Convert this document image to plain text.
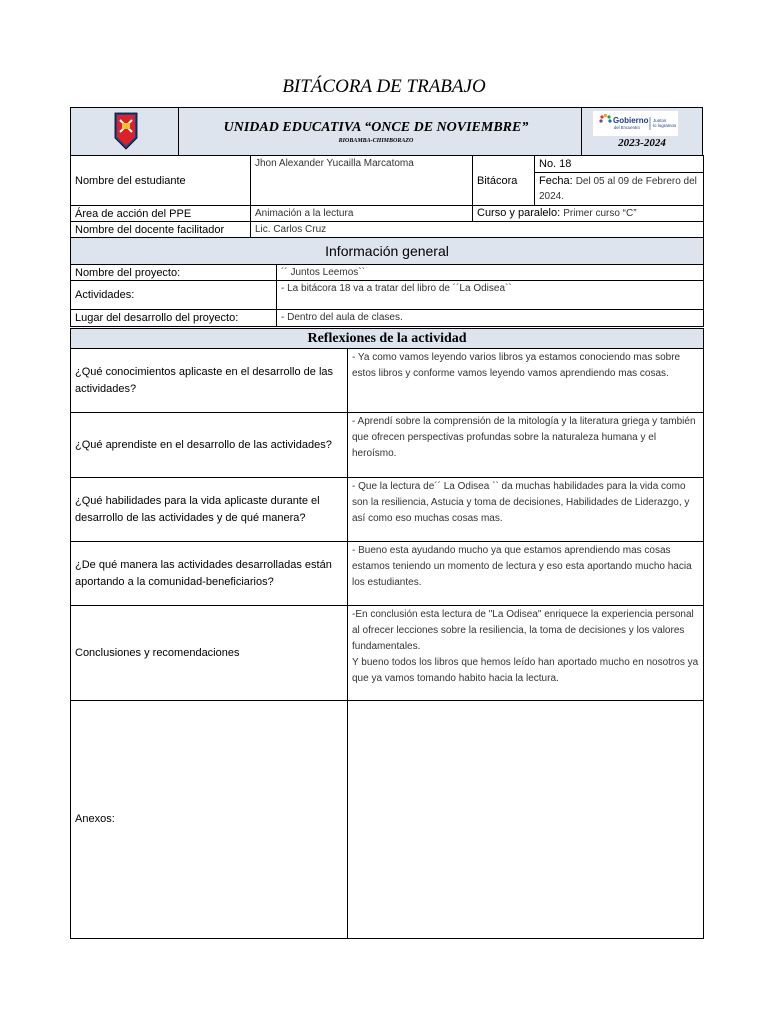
BITÁCORA DE TRABAJO
UNIDAD EDUCATIVA “ONCE DE NOVIEMBRE”
RIOBAMBA-CHIMBORAZO
Gobierno
del Encuentro
Juntos
lo logramos
2023-2024
Nombre del estudiante	Jhon Alexander Yucailla Marcatoma	Bitácora	No. 18
Fecha: Del 05 al 09 de Febrero del 2024.

Área de acción del PPE	Animación a la lectura	Curso y paralelo: Primer curso “C”	
Nombre del docente facilitador	Lic. Carlos Cruz		
Información general	
Nombre del proyecto:	´´ Juntos Leemos``
Actividades:	- La bitácora 18 va a tratar del libro de ´´La Odisea``
Lugar del desarrollo del proyecto:	- Dentro del aula de clases.
Reflexiones de la actividad	
¿Qué conocimientos aplicaste en el desarrollo de las actividades?	- Ya como vamos leyendo varios libros ya estamos conociendo mas sobre estos libros y conforme vamos leyendo vamos aprendiendo mas cosas.
¿Qué aprendiste en el desarrollo de las actividades?	- Aprendí sobre la comprensión de la mitología y la literatura griega y también que ofrecen perspectivas profundas sobre la naturaleza humana y el heroísmo.
¿Qué habilidades para la vida aplicaste durante el desarrollo de las actividades y de qué manera?	- Que la lectura de´´ La Odisea `` da muchas habilidades para la vida como son la resiliencia, Astucia y toma de decisiones, Habilidades de Liderazgo, y así como eso muchas cosas mas.
¿De qué manera las actividades desarrolladas están aportando a la comunidad-beneficiarios?	- Bueno esta ayudando mucho ya que estamos aprendiendo mas cosas estamos teniendo un momento de lectura y eso esta aportando mucho hacia los estudiantes.
Conclusiones y recomendaciones	-En conclusión esta lectura de "La Odisea" enriquece la experiencia personal al ofrecer lecciones sobre la resiliencia, la toma de decisiones y los valores fundamentales.
Y bueno todos los libros que hemos leído han aportado mucho en nosotros ya que ya vamos tomando habito hacia la lectura.

Anexos:	
